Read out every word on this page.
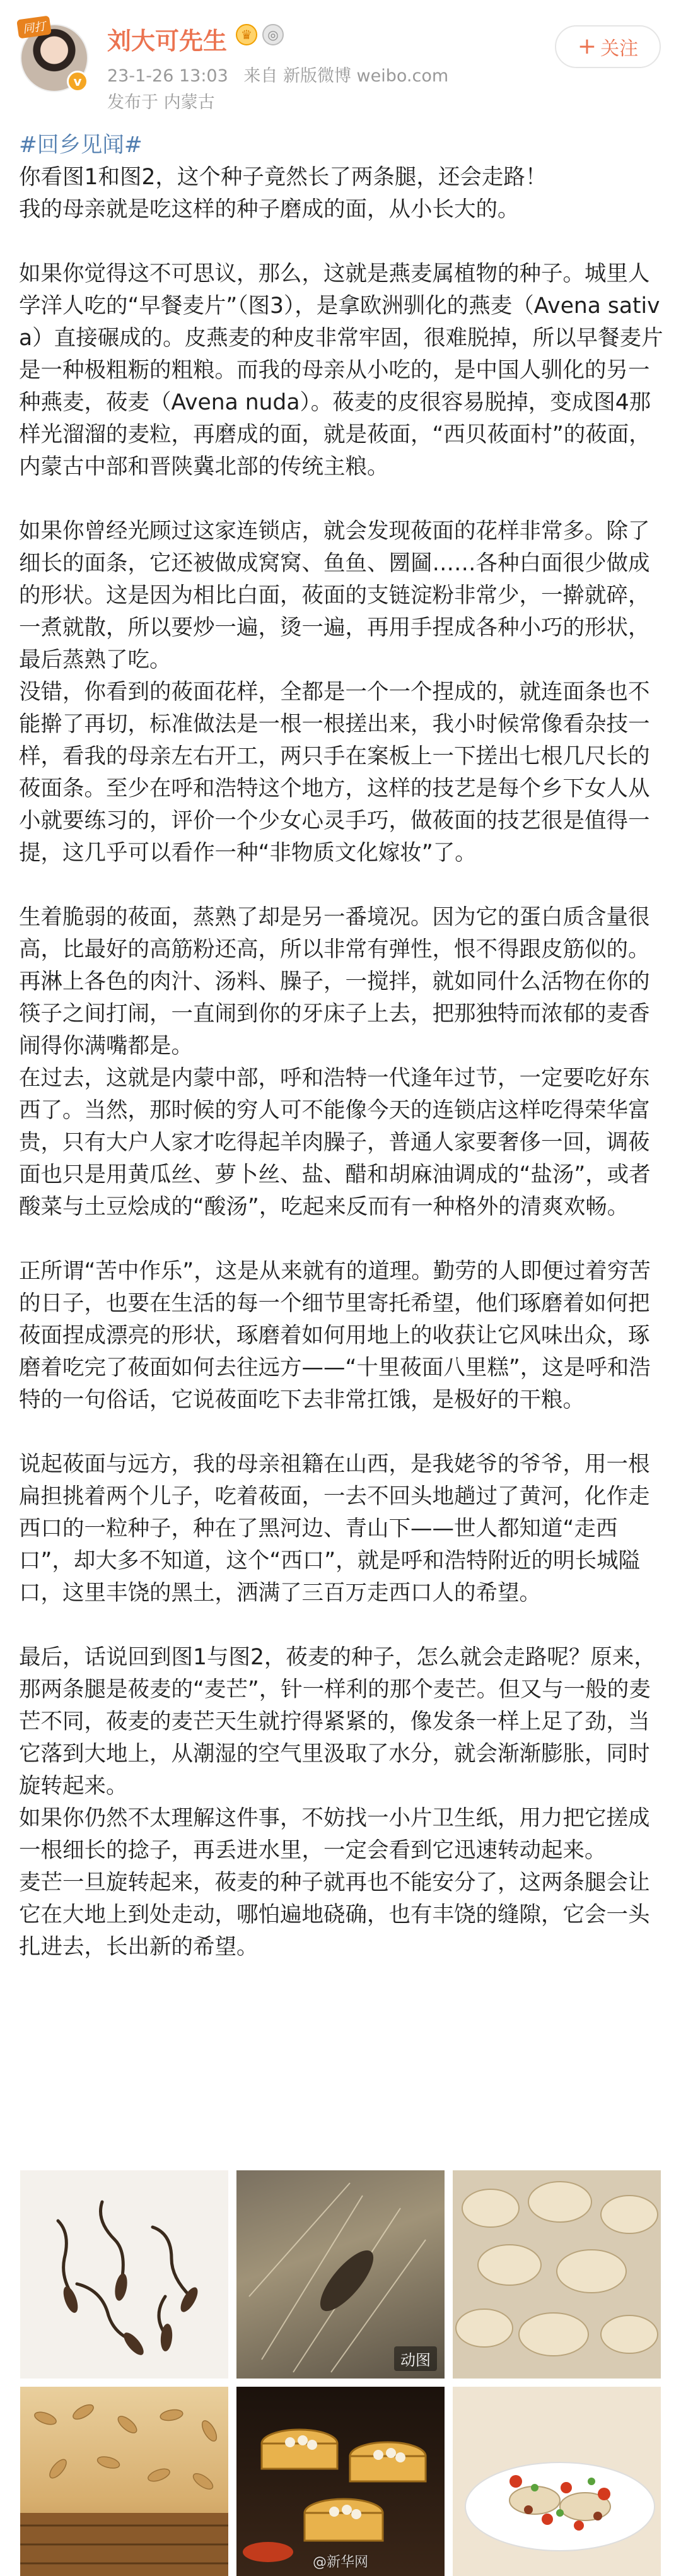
同打
v
刘大可先生	♛	◎
23-1-26 13:03 来自 新版微博 weibo.com
发布于 内蒙古
+ 关注

#回乡见闻#

你看图1和图2，这个种子竟然长了两条腿，还会走路！

我的母亲就是吃这样的种子磨成的面，从小长大的。

如果你觉得这不可思议，那么，这就是燕麦属植物的种子。城里人学洋人吃的“早餐麦片”（图3），是拿欧洲驯化的燕麦（Avena sativa）直接碾成的。皮燕麦的种皮非常牢固，很难脱掉，所以早餐麦片是一种极粗粝的粗粮。而我的母亲从小吃的，是中国人驯化的另一种燕麦，莜麦（Avena nuda）。莜麦的皮很容易脱掉，变成图4那样光溜溜的麦粒，再磨成的面，就是莜面，“西贝莜面村”的莜面，内蒙古中部和晋陕冀北部的传统主粮。

如果你曾经光顾过这家连锁店，就会发现莜面的花样非常多。除了细长的面条，它还被做成窝窝、鱼鱼、圐圙……各种白面很少做成的形状。这是因为相比白面，莜面的支链淀粉非常少，一擀就碎，一煮就散，所以要炒一遍，烫一遍，再用手捏成各种小巧的形状，最后蒸熟了吃。

没错，你看到的莜面花样，全都是一个一个捏成的，就连面条也不能擀了再切，标准做法是一根一根搓出来，我小时候常像看杂技一样，看我的母亲左右开工，两只手在案板上一下搓出七根几尺长的莜面条。至少在呼和浩特这个地方，这样的技艺是每个乡下女人从小就要练习的，评价一个少女心灵手巧，做莜面的技艺很是值得一提，这几乎可以看作一种“非物质文化嫁妆”了。

生着脆弱的莜面，蒸熟了却是另一番境况。因为它的蛋白质含量很高，比最好的高筋粉还高，所以非常有弹性，恨不得跟皮筋似的。再淋上各色的肉汁、汤料、臊子，一搅拌，就如同什么活物在你的筷子之间打闹，一直闹到你的牙床子上去，把那独特而浓郁的麦香闹得你满嘴都是。

在过去，这就是内蒙中部，呼和浩特一代逢年过节，一定要吃好东西了。当然，那时候的穷人可不能像今天的连锁店这样吃得荣华富贵，只有大户人家才吃得起羊肉臊子，普通人家要奢侈一回，调莜面也只是用黄瓜丝、萝卜丝、盐、醋和胡麻油调成的“盐汤”，或者酸菜与土豆烩成的“酸汤”，吃起来反而有一种格外的清爽欢畅。

正所谓“苦中作乐”，这是从来就有的道理。勤劳的人即便过着穷苦的日子，也要在生活的每一个细节里寄托希望，他们琢磨着如何把莜面捏成漂亮的形状，琢磨着如何用地上的收获让它风味出众，琢磨着吃完了莜面如何去往远方——“十里莜面八里糕”，这是呼和浩特的一句俗话，它说莜面吃下去非常扛饿，是极好的干粮。

说起莜面与远方，我的母亲祖籍在山西，是我姥爷的爷爷，用一根扁担挑着两个儿子，吃着莜面，一去不回头地趟过了黄河，化作走西口的一粒种子，种在了黑河边、青山下——世人都知道“走西口”，却大多不知道，这个“西口”，就是呼和浩特附近的明长城隘口，这里丰饶的黑土，洒满了三百万走西口人的希望。

最后，话说回到图1与图2，莜麦的种子，怎么就会走路呢？原来，那两条腿是莜麦的“麦芒”，针一样利的那个麦芒。但又与一般的麦芒不同，莜麦的麦芒天生就拧得紧紧的，像发条一样上足了劲，当它落到大地上，从潮湿的空气里汲取了水分，就会渐渐膨胀，同时旋转起来。

如果你仍然不太理解这件事，不妨找一小片卫生纸，用力把它搓成一根细长的捻子，再丢进水里，一定会看到它迅速转动起来。

麦芒一旦旋转起来，莜麦的种子就再也不能安分了，这两条腿会让它在大地上到处走动，哪怕遍地硗确，也有丰饶的缝隙，它会一头扎进去，长出新的希望。

动图
@新华网
